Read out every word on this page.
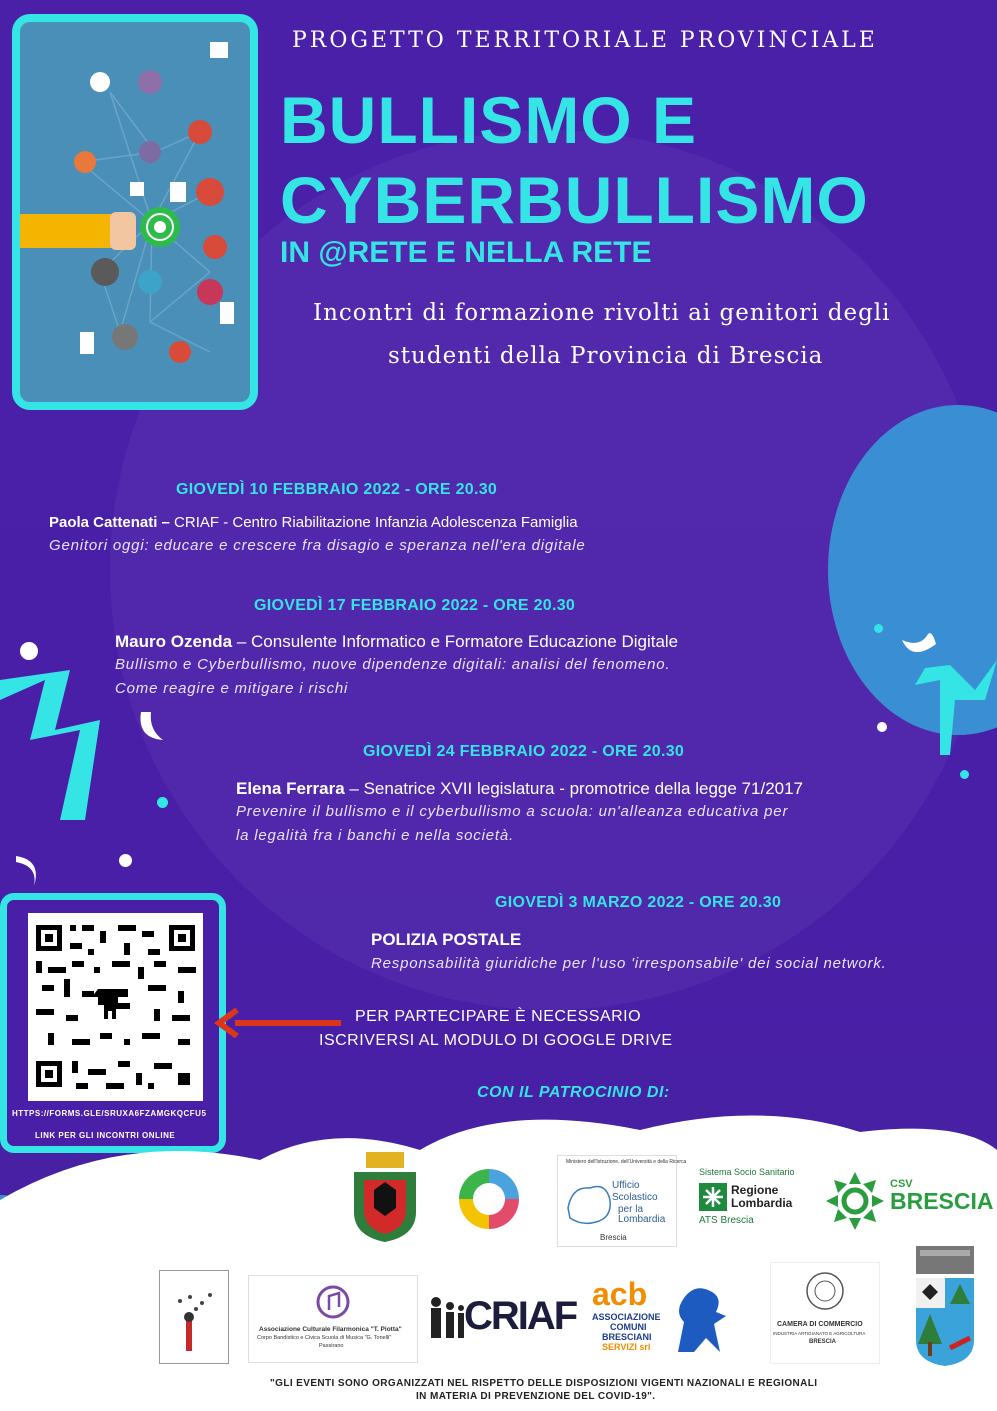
PROGETTO TERRITORIALE PROVINCIALE

BULLISMO E
CYBERBULLISMO

IN @RETE E NELLA RETE

Incontri di formazione rivolti ai genitori degli

studenti della Provincia di Brescia

GIOVEDÌ 10 FEBBRAIO 2022 - ORE 20.30

Paola Cattenati – CRIAF - Centro Riabilitazione Infanzia Adolescenza Famiglia

Genitori oggi: educare e crescere fra disagio e speranza nell'era digitale

GIOVEDÌ 17 FEBBRAIO 2022 - ORE 20.30

Mauro Ozenda – Consulente Informatico e Formatore Educazione Digitale

Bullismo e Cyberbullismo, nuove dipendenze digitali: analisi del fenomeno.

Come reagire e mitigare i rischi

GIOVEDÌ 24 FEBBRAIO 2022 - ORE 20.30

Elena Ferrara – Senatrice XVII legislatura - promotrice della legge 71/2017

Prevenire il bullismo e il cyberbullismo a scuola: un'alleanza educativa per

la legalità fra i banchi e nella società.

GIOVEDÌ 3 MARZO 2022 - ORE 20.30

POLIZIA POSTALE

Responsabilità giuridiche per l'uso 'irresponsabile' dei social network.

HTTPS://FORMS.GLE/SRUXA6FZAMGKQCFU5

LINK PER GLI INCONTRI ONLINE

PER PARTECIPARE È NECESSARIO

ISCRIVERSI AL MODULO DI GOOGLE DRIVE

CON IL PATROCINIO DI:

Ministero dell'Istruzione, dell'Università e della Ricerca

Ufficio

Scolastico

per la

Lombardia

Brescia

Sistema Socio Sanitario

Regione

Lombardia

ATS Brescia

CSV

BRESCIA

Associazione Culturale Filarmonica "T. Piotta"

Corpo Bandistico e Civica Scuola di Musica "G. Tonelli"

Passirano

CRIAF acb

ASSOCIAZIONE

COMUNI

BRESCIANI

SERVIZI srl

CAMERA DI COMMERCIO

INDUSTRIA ARTIGIANATO E AGRICOLTURA

BRESCIA

"GLI EVENTI SONO ORGANIZZATI NEL RISPETTO DELLE DISPOSIZIONI VIGENTI NAZIONALI E REGIONALI

IN MATERIA DI PREVENZIONE DEL COVID-19".
